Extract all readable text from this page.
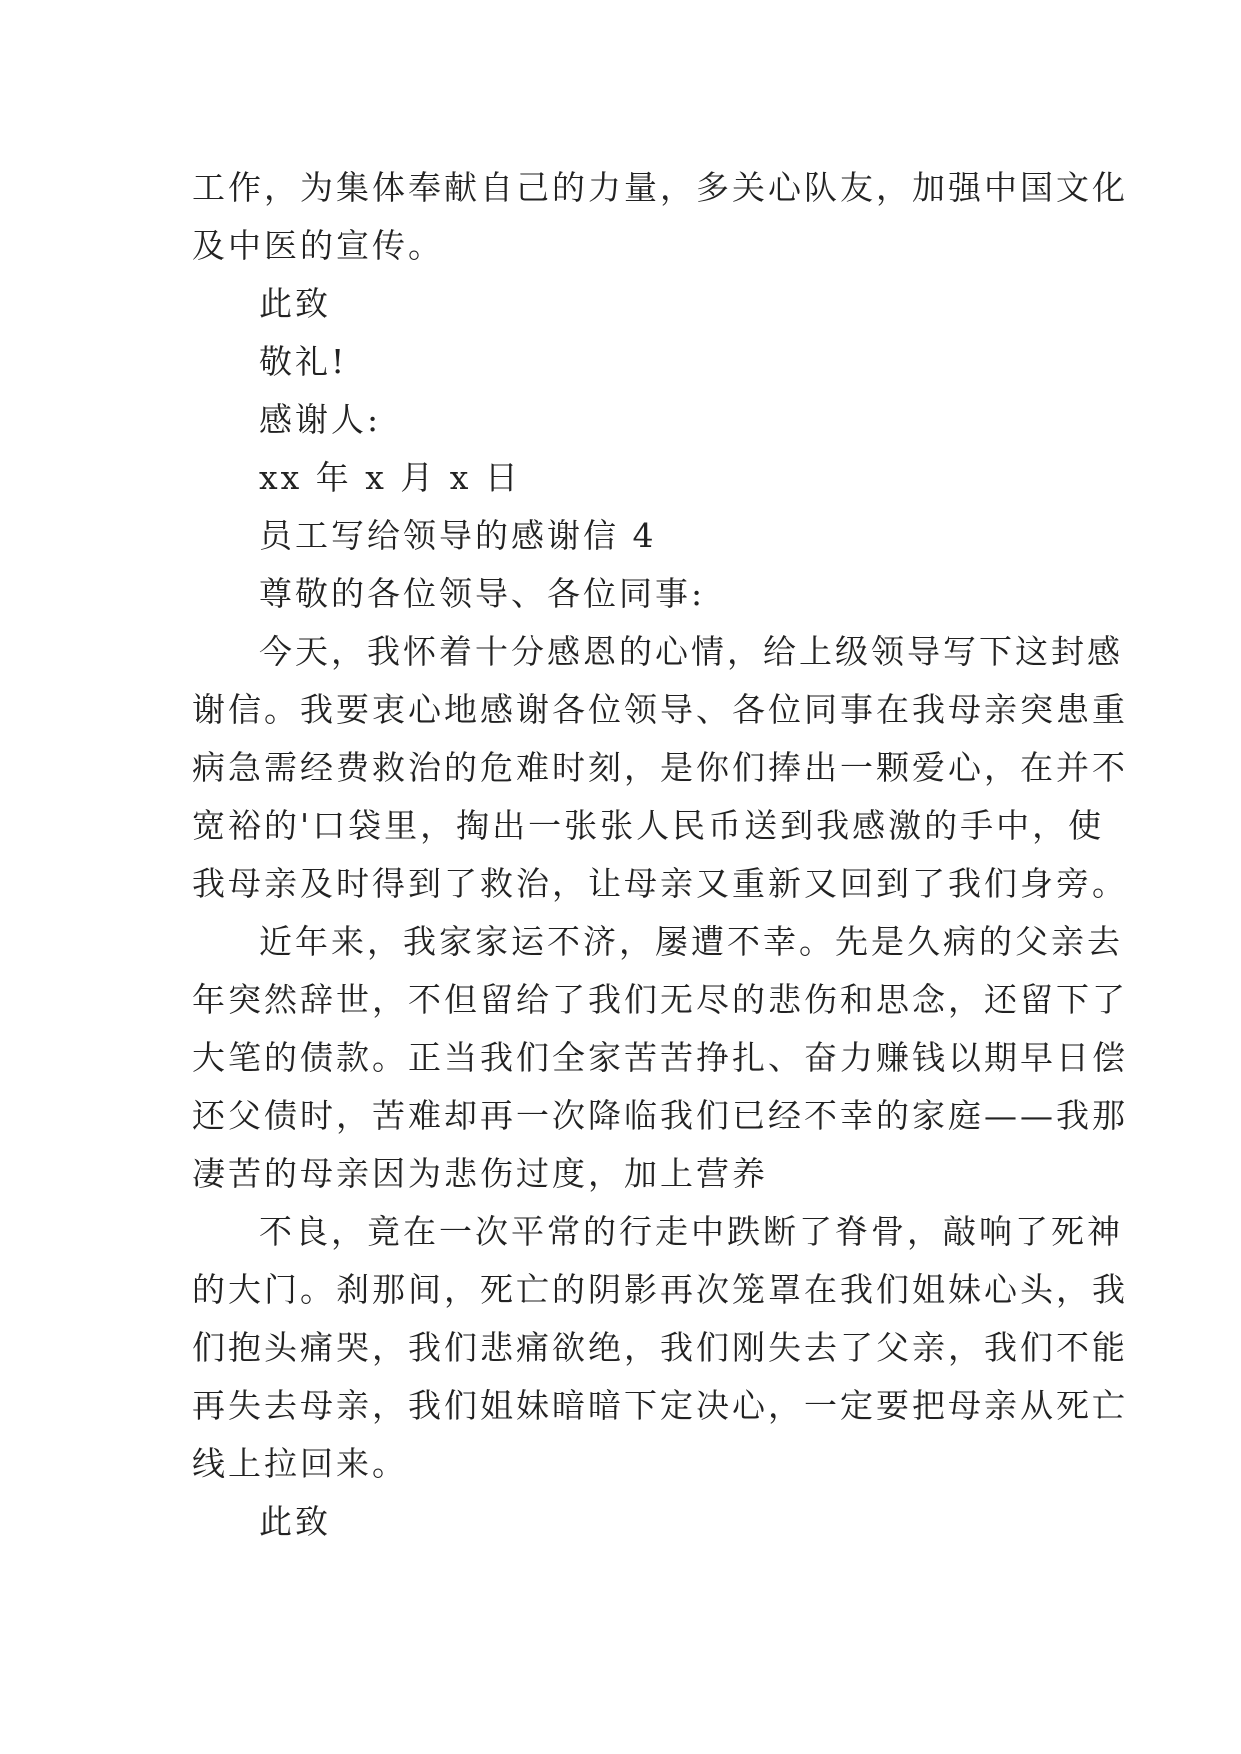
工作，为集体奉献自己的力量，多关心队友，加强中国文化
及中医的宣传。
此致
敬礼!
感谢人:
xx 年 x 月 x 日
员工写给领导的感谢信 4
尊敬的各位领导、各位同事:
今天，我怀着十分感恩的心情，给上级领导写下这封感
谢信。我要衷心地感谢各位领导、各位同事在我母亲突患重
病急需经费救治的危难时刻，是你们捧出一颗爱心，在并不
宽裕的'口袋里，掏出一张张人民币送到我感激的手中，使
我母亲及时得到了救治，让母亲又重新又回到了我们身旁。
近年来，我家家运不济，屡遭不幸。先是久病的父亲去
年突然辞世，不但留给了我们无尽的悲伤和思念，还留下了
大笔的债款。正当我们全家苦苦挣扎、奋力赚钱以期早日偿
还父债时，苦难却再一次降临我们已经不幸的家庭——我那
凄苦的母亲因为悲伤过度，加上营养
不良，竟在一次平常的行走中跌断了脊骨，敲响了死神
的大门。刹那间，死亡的阴影再次笼罩在我们姐妹心头，我
们抱头痛哭，我们悲痛欲绝，我们刚失去了父亲，我们不能
再失去母亲，我们姐妹暗暗下定决心，一定要把母亲从死亡
线上拉回来。
此致
